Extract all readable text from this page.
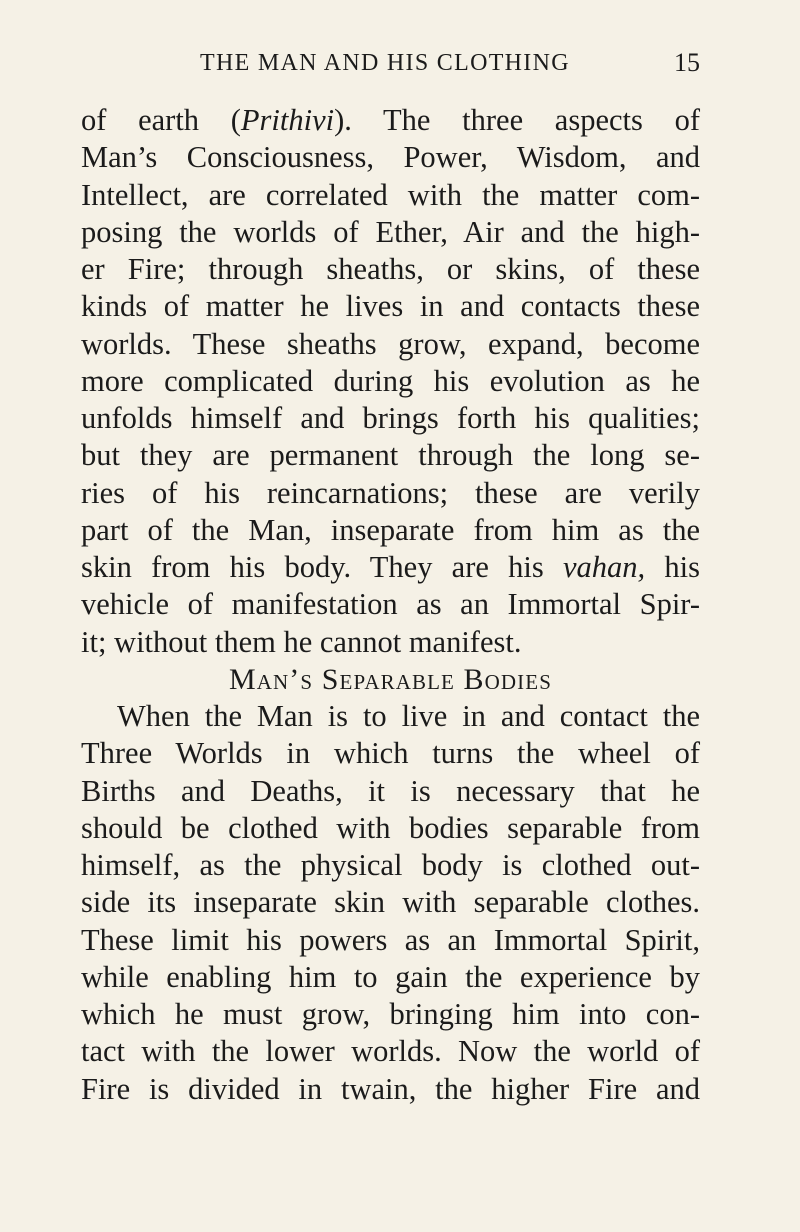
THE MAN AND HIS CLOTHING	15
of earth (Prithivi). The three aspects of
Man’s Consciousness, Power, Wisdom, and
Intellect, are correlated with the matter com-
posing the worlds of Ether, Air and the high-
er Fire; through sheaths, or skins, of these
kinds of matter he lives in and contacts these
worlds. These sheaths grow, expand, become
more complicated during his evolution as he
unfolds himself and brings forth his qualities;
but they are permanent through the long se-
ries of his reincarnations; these are verily
part of the Man, inseparate from him as the
skin from his body. They are his vahan, his
vehicle of manifestation as an Immortal Spir-
it; without them he cannot manifest.
Man’s Separable Bodies
When the Man is to live in and contact the
Three Worlds in which turns the wheel of
Births and Deaths, it is necessary that he
should be clothed with bodies separable from
himself, as the physical body is clothed out-
side its inseparate skin with separable clothes.
These limit his powers as an Immortal Spirit,
while enabling him to gain the experience by
which he must grow, bringing him into con-
tact with the lower worlds. Now the world of
Fire is divided in twain, the higher Fire and
